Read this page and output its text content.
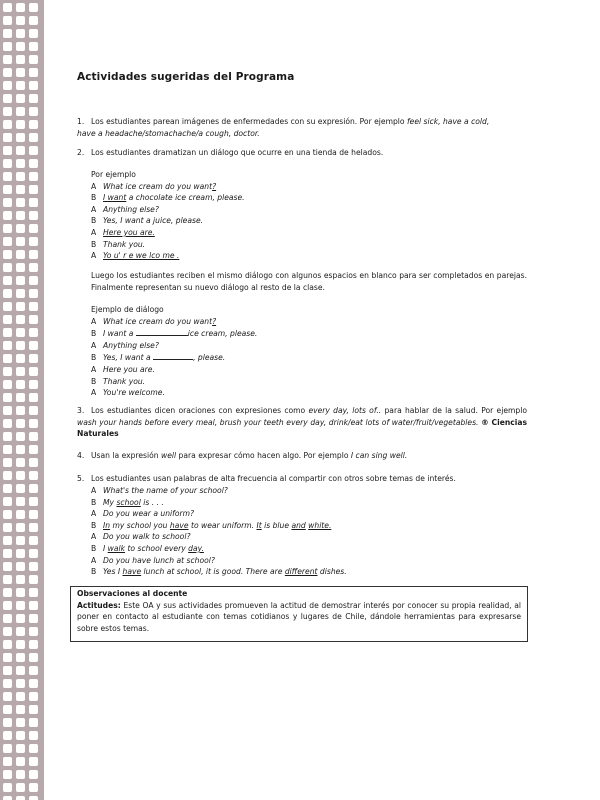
Actividades sugeridas del Programa
1. Los estudiantes parean imágenes de enfermedades con su expresión. Por ejemplo feel sick, have a cold,
have a headache/stomachache/a cough, doctor.
2. Los estudiantes dramatizan un diálogo que ocurre en una tienda de helados.
Por ejemplo
A What ice cream do you want?
B I want a chocolate ice cream, please.
A Anything else?
B Yes, I want a juice, please.
A Here you are.
B Thank you.
A Yo u' r e we lco me .
Luego los estudiantes reciben el mismo diálogo con algunos espacios en blanco para ser completados en parejas. Finalmente representan su nuevo diálogo al resto de la clase.
Ejemplo de diálogo
A What ice cream do you want?
B I want a	ice cream, please.
A Anything else?
B Yes, I want a	, please.
A Here you are.
B Thank you.
A You're welcome.
3. Los estudiantes dicen oraciones con expresiones como every day, lots of.. para hablar de la salud. Por ejemplo wash your hands before every meal, brush your teeth every day, drink/eat lots of water/fruit/vegetables. ® Ciencias Naturales
4. Usan la expresión well para expresar cómo hacen algo. Por ejemplo I can sing well.
5. Los estudiantes usan palabras de alta frecuencia al compartir con otros sobre temas de interés.
A What's the name of your school?
B My school is . . .
A Do you wear a uniform?
B In my school you have to wear uniform. It is blue and white.
A Do you walk to school?
B I walk to school every day.
A Do you have lunch at school?
B Yes I have lunch at school, it is good. There are different dishes.
Observaciones al docente
Actitudes: Este OA y sus actividades promueven la actitud de demostrar interés por conocer su propia realidad, al poner en contacto al estudiante con temas cotidianos y lugares de Chile, dándole herramientas para expresarse sobre estos temas.
